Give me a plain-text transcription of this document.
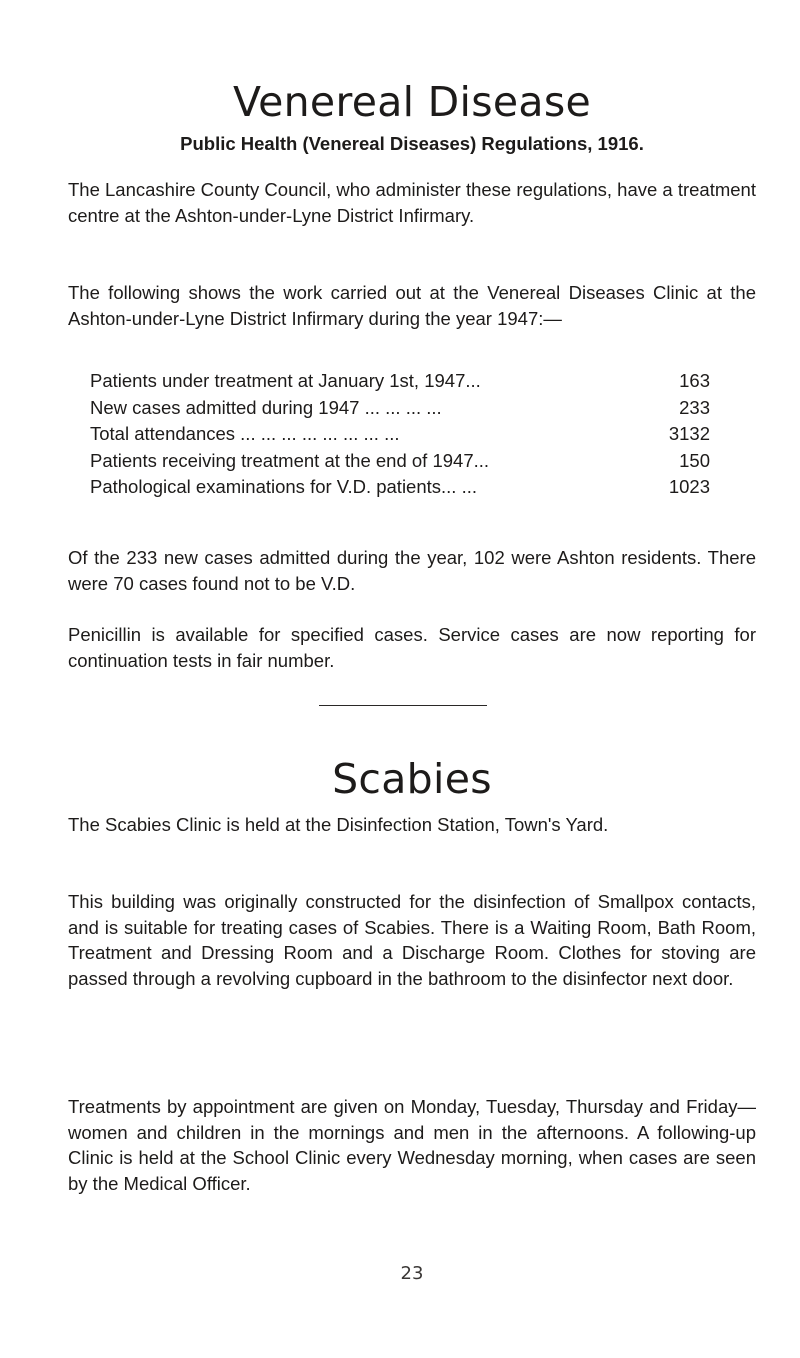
Venereal Disease
Public Health (Venereal Diseases) Regulations, 1916.

The Lancashire County Council, who administer these regulations, have a treatment centre at the Ashton-under-Lyne District Infirmary.

The following shows the work carried out at the Venereal Diseases Clinic at the Ashton-under-Lyne District Infirmary during the year 1947:—

Patients under treatment at January 1st, 1947...	163
New cases admitted during 1947 ... ... ... ...	233
Total attendances ... ... ... ... ... ... ... ...	3132
Patients receiving treatment at the end of 1947...	150
Pathological examinations for V.D. patients... ...	1023

Of the 233 new cases admitted during the year, 102 were Ashton residents. There were 70 cases found not to be V.D.

Penicillin is available for specified cases. Service cases are now reporting for continuation tests in fair number.

Scabies

The Scabies Clinic is held at the Disinfection Station, Town's Yard.

This building was originally constructed for the disinfection of Smallpox contacts, and is suitable for treating cases of Scabies. There is a Waiting Room, Bath Room, Treatment and Dressing Room and a Discharge Room. Clothes for stoving are passed through a revolving cupboard in the bathroom to the disinfector next door.

Treatments by appointment are given on Monday, Tuesday, Thursday and Friday—women and children in the mornings and men in the afternoons. A following-up Clinic is held at the School Clinic every Wednesday morning, when cases are seen by the Medical Officer.

23
